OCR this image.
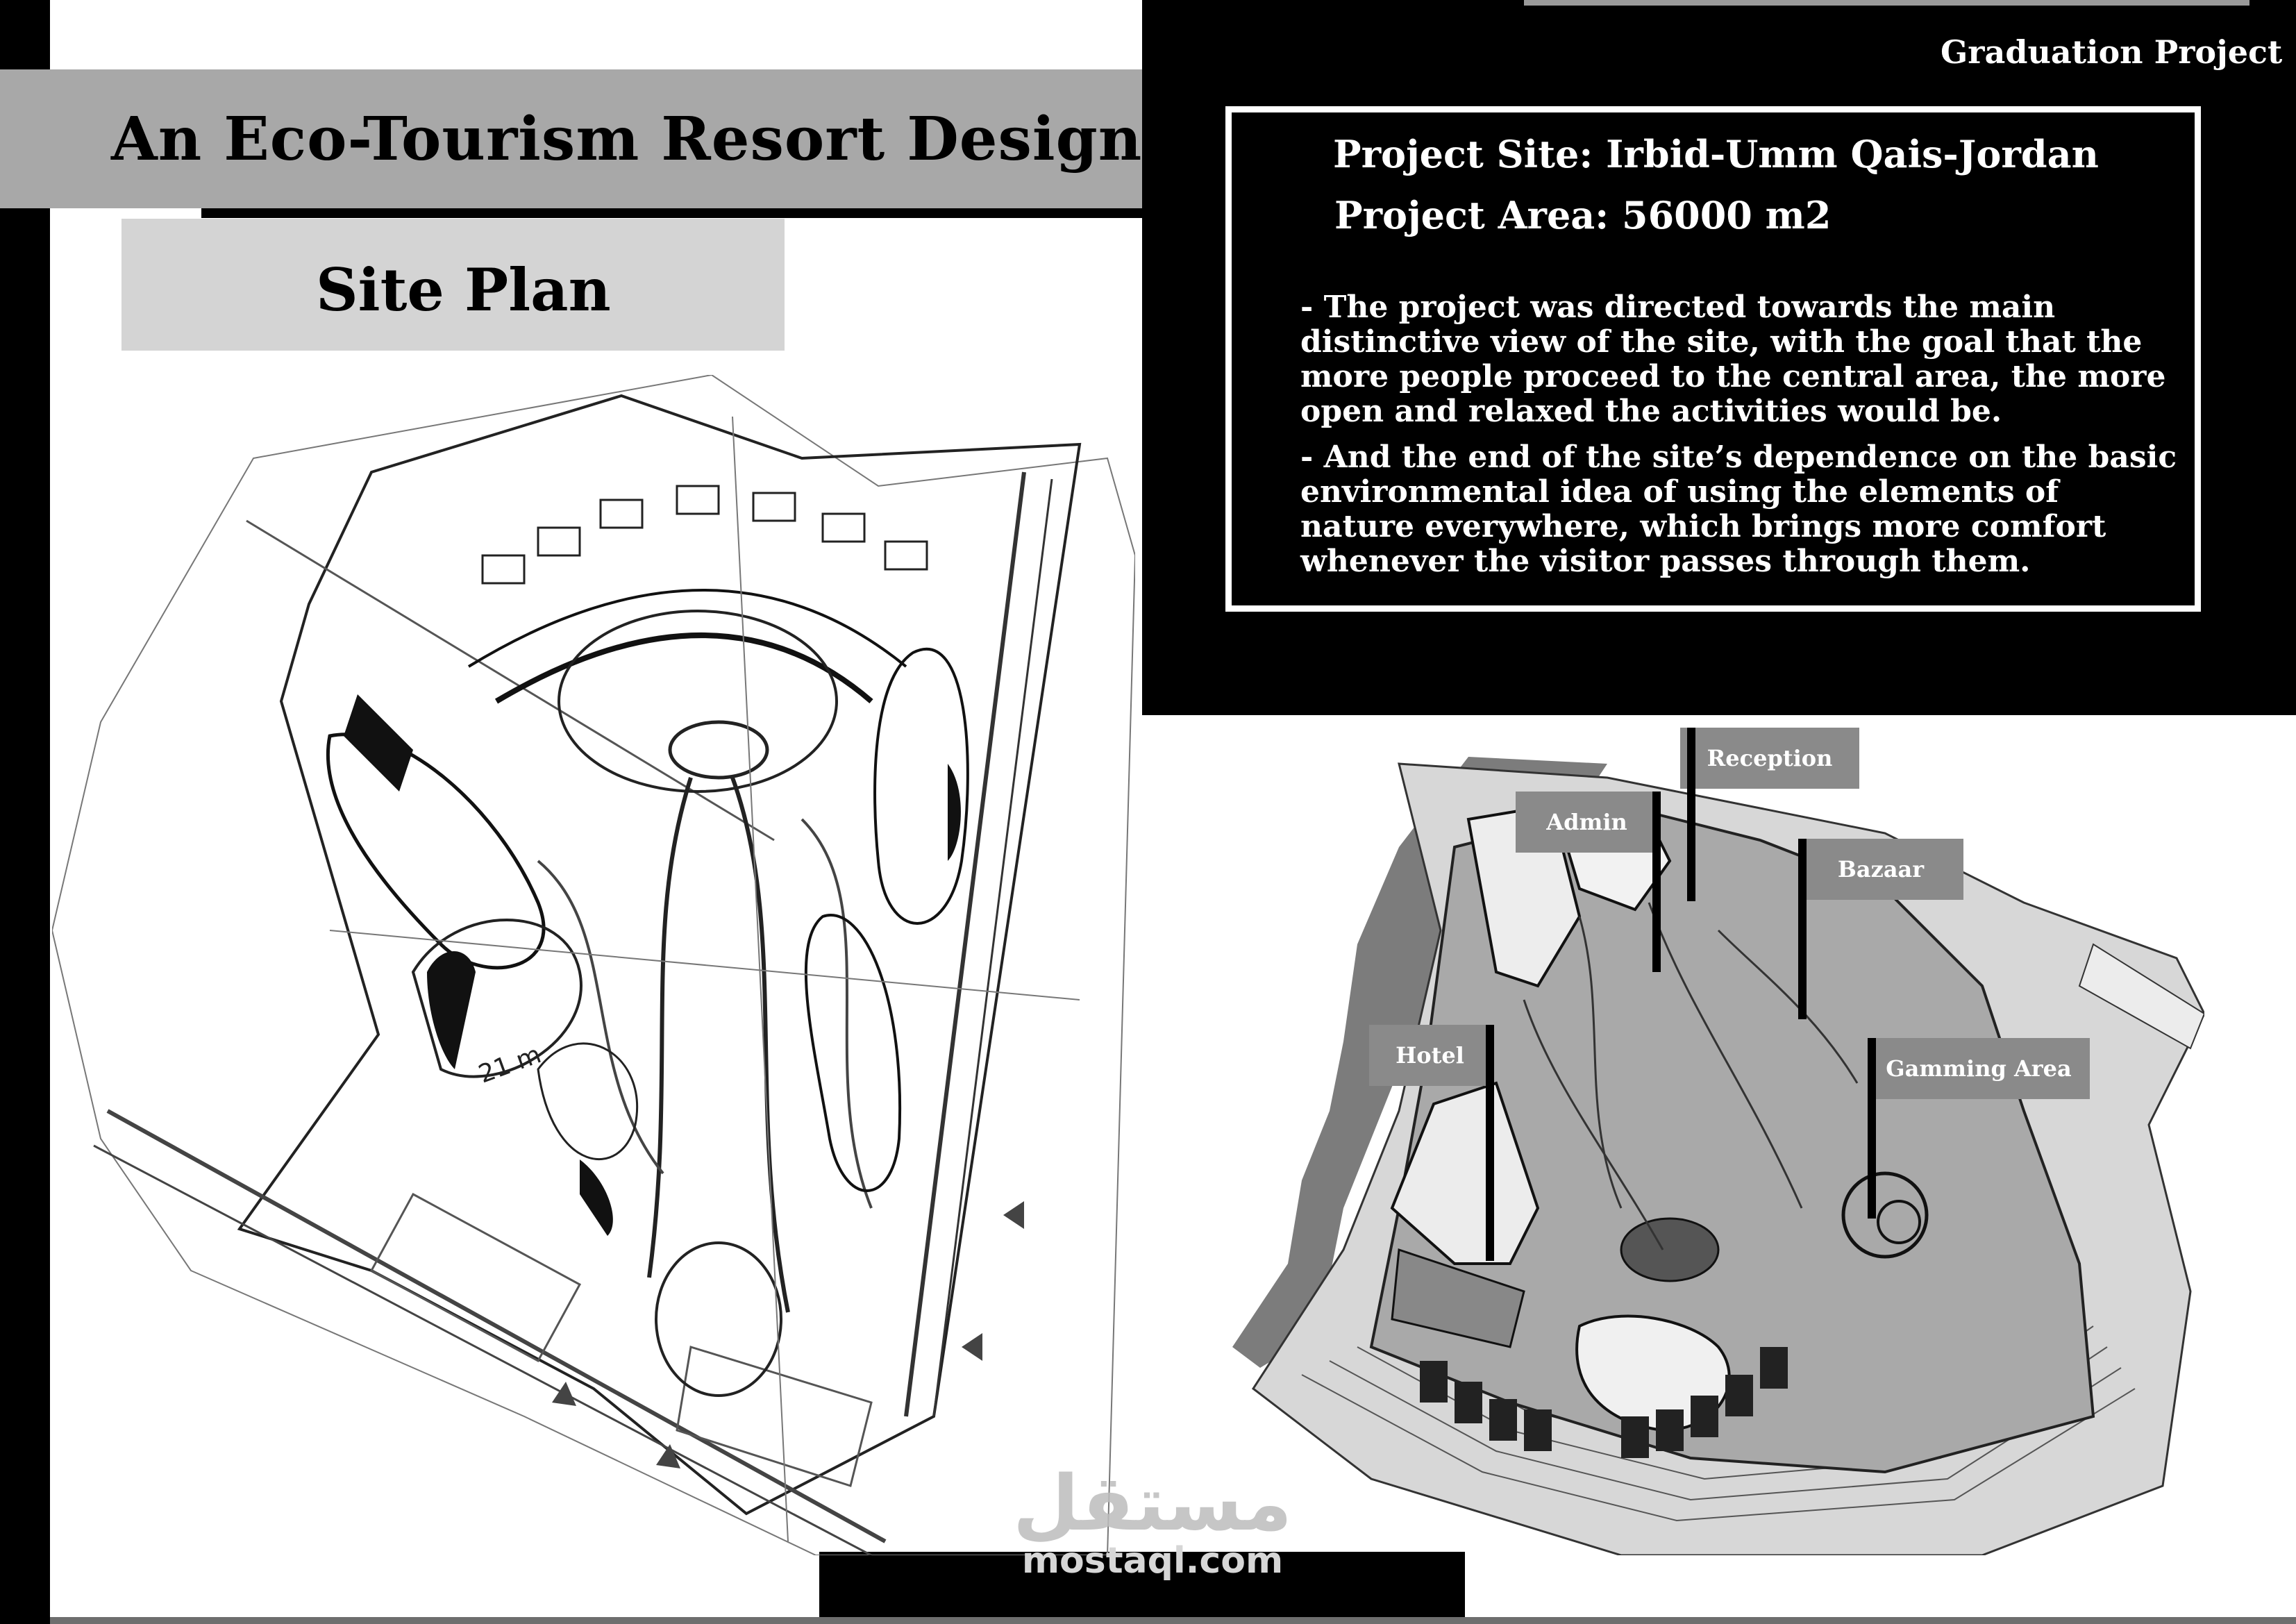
An Eco-Tourism Resort Design
Site Plan
Graduation Project
Project Site: Irbid-Umm Qais-Jordan
Project Area: 56000 m2
- The project was directed towards the main distinctive view of the site, with the goal that the more people proceed to the central area, the more open and relaxed the activities would be.
- And the end of the site’s dependence on the basic environmental idea of using the elements of nature everywhere, which brings more comfort whenever the visitor passes through them.
21 m
Reception
Admin
Bazaar
Hotel	Gamming Area
مستقل
mostaql.com
